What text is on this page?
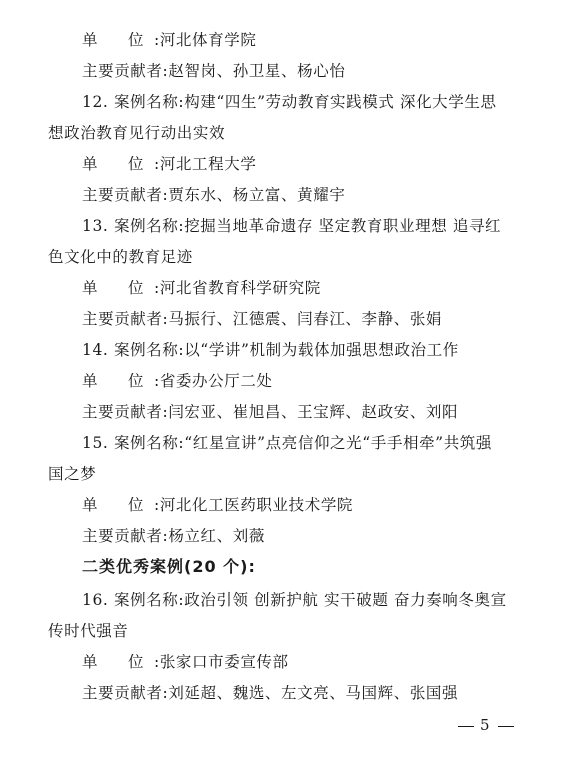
单 位 :河北体育学院
主要贡献者:赵智岗、孙卫星、杨心怡
12. 案例名称:构建“四生”劳动教育实践模式 深化大学生思
想政治教育见行动出实效
单 位 :河北工程大学
主要贡献者:贾东水、杨立富、黄耀宇
13. 案例名称:挖掘当地革命遗存 坚定教育职业理想 追寻红
色文化中的教育足迹
单 位 :河北省教育科学研究院
主要贡献者:马振行、江德震、闫春江、李静、张娟
14. 案例名称:以“学讲”机制为载体加强思想政治工作
单 位 :省委办公厅二处
主要贡献者:闫宏亚、崔旭昌、王宝辉、赵政安、刘阳
15. 案例名称:“红星宣讲”点亮信仰之光“手手相牵”共筑强
国之梦
单 位 :河北化工医药职业技术学院
主要贡献者:杨立红、刘薇
二类优秀案例(20 个):
16. 案例名称:政治引领 创新护航 实干破题 奋力奏响冬奥宣
传时代强音
单 位 :张家口市委宣传部
主要贡献者:刘延超、魏选、左文亮、马国辉、张国强
5
